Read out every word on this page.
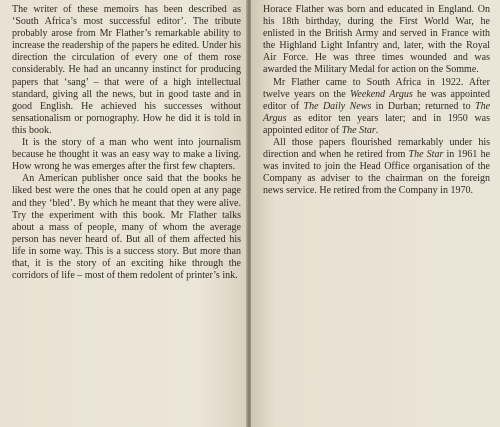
The writer of these memoirs has been described as ‘South Africa’s most successful editor’. The tribute probably arose from Mr Flather’s remarkable ability to increase the readership of the papers he edited. Under his direction the circulation of every one of them rose considerably. He had an uncanny instinct for producing papers that ‘sang’ – that were of a high intellectual standard, giving all the news, but in good taste and in good English. He achieved his successes without sensationalism or pornography. How he did it is told in this book.

It is the story of a man who went into journalism because he thought it was an easy way to make a living. How wrong he was emerges after the first few chapters.

An American publisher once said that the books he liked best were the ones that he could open at any page and they ‘bled’. By which he meant that they were alive. Try the experiment with this book. Mr Flather talks about a mass of people, many of whom the average person has never heard of. But all of them affected his life in some way. This is a success story. But more than that, it is the story of an exciting hike through the corridors of life – most of them redolent of printer’s ink.

Horace Flather was born and educated in England. On his 18th birthday, during the First World War, he enlisted in the British Army and served in France with the Highland Light Infantry and, later, with the Royal Air Force. He was three times wounded and was awarded the Military Medal for action on the Somme.

Mr Flather came to South Africa in 1922. After twelve years on the Weekend Argus he was appointed editor of The Daily News in Durban; returned to The Argus as editor ten years later; and in 1950 was appointed editor of The Star.

All those papers flourished remarkably under his direction and when he retired from The Star in 1961 he was invited to join the Head Office organisation of the Company as adviser to the chairman on the foreign news service. He retired from the Company in 1970.
